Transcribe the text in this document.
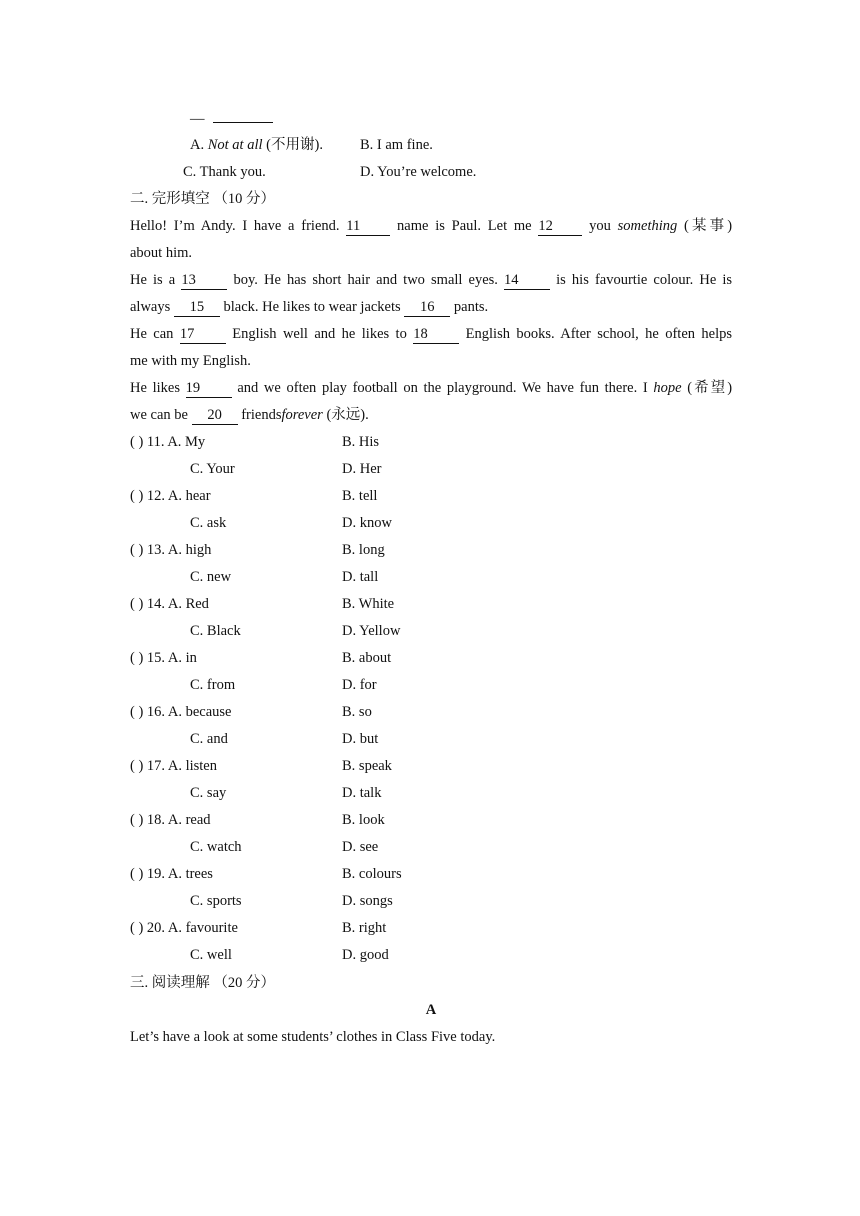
—
A. Not at all (不用谢).	B. I am fine.
C. Thank you.	D. You’re welcome.
二. 完形填空 （10 分）
Hello! I’m Andy. I have a friend. 11	name is Paul. Let me 12	you something (某事)
about him.
He is a 13	boy. He has short hair and two small eyes. 14	is his favourtie colour. He is
always 15 black. He likes to wear jackets 16 pants.
He can 17	English well and he likes to 18	English books. After school, he often helps
me with my English.
He likes 19	and we often play football on the playground. We have fun there. I hope (希望)
we can be 20 friendsforever (永远).
( ) 11. A. My	B. His
C. Your	D. Her
( ) 12. A. hear	B. tell
C. ask	D. know
( ) 13. A. high	B. long
C. new	D. tall
( ) 14. A. Red	B. White
C. Black	D. Yellow
( ) 15. A. in	B. about
C. from	D. for
( ) 16. A. because	B. so
C. and	D. but
( ) 17. A. listen	B. speak
C. say	D. talk
( ) 18. A. read	B. look
C. watch	D. see
( ) 19. A. trees	B. colours
C. sports	D. songs
( ) 20. A. favourite	B. right
C. well	D. good
三. 阅读理解 （20 分）
A
Let’s have a look at some students’ clothes in Class Five today.
